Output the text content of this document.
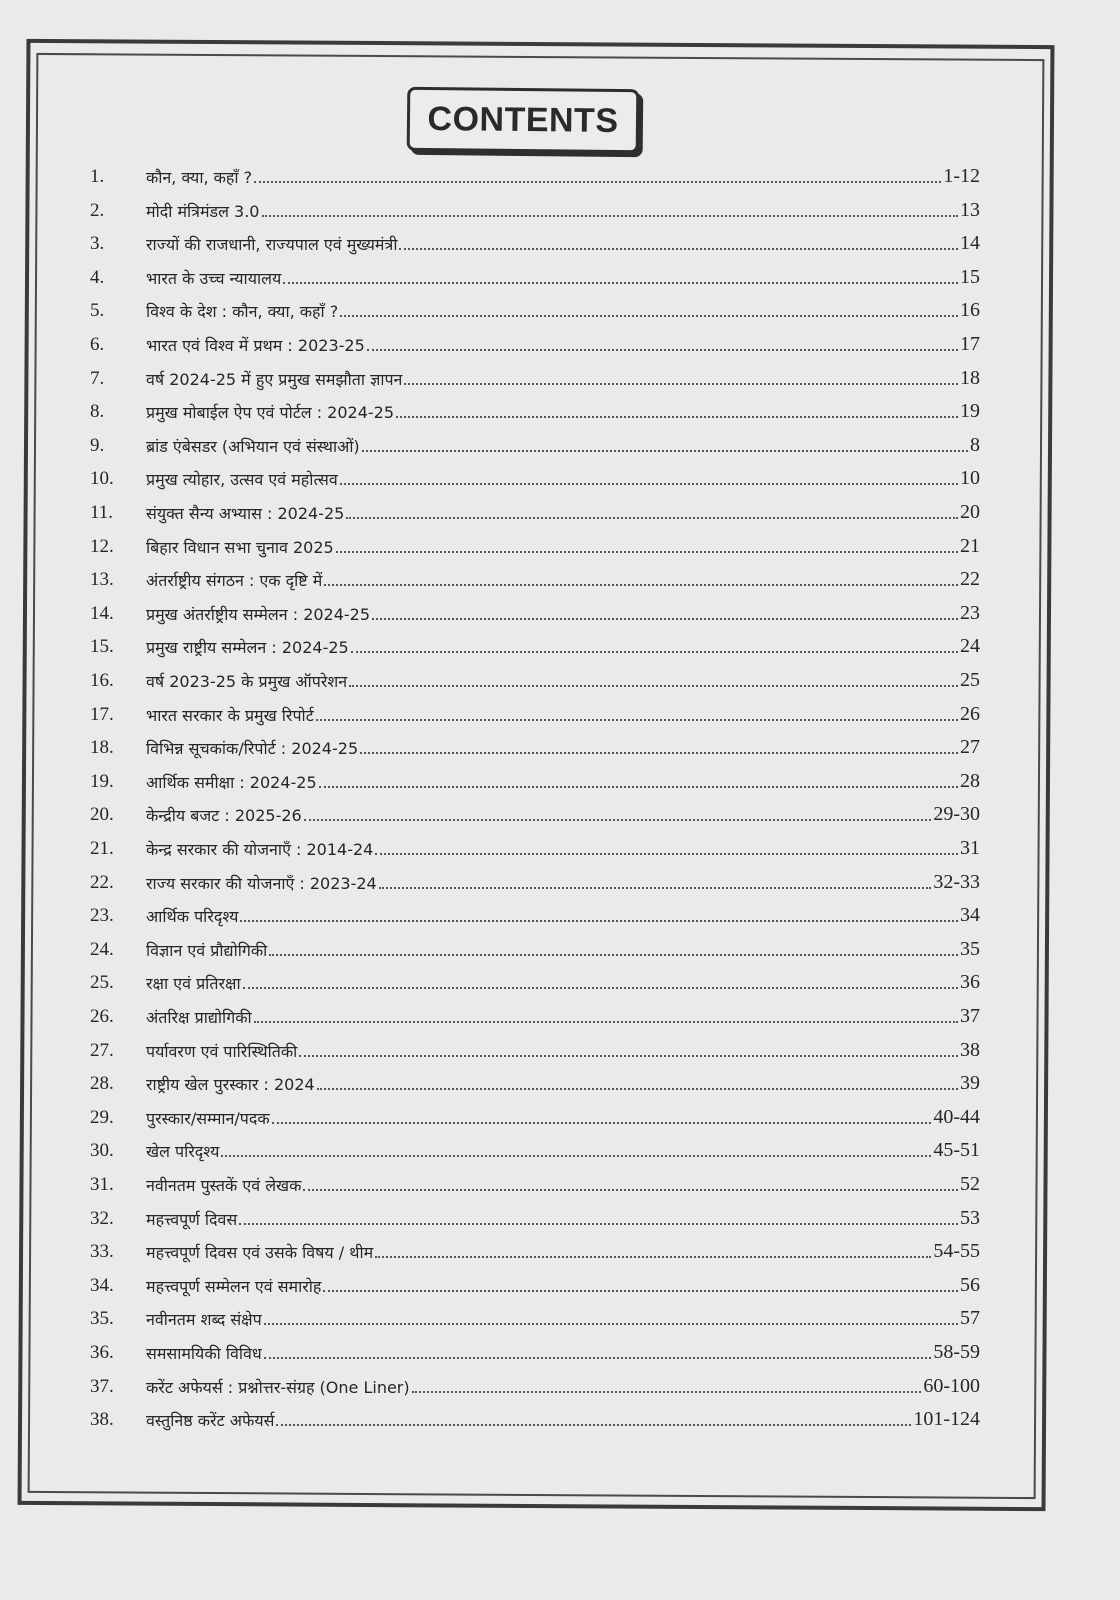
CONTENTS
1.	कौन, क्या, कहाँ ?	1-12
2.	मोदी मंत्रिमंडल 3.0	13
3.	राज्यों की राजधानी, राज्यपाल एवं मुख्यमंत्री	14
4.	भारत के उच्च न्यायालय	15
5.	विश्व के देश : कौन, क्या, कहाँ ?	16
6.	भारत एवं विश्व में प्रथम : 2023-25	17
7.	वर्ष 2024-25 में हुए प्रमुख समझौता ज्ञापन	18
8.	प्रमुख मोबाईल ऐप एवं पोर्टल : 2024-25	19
9.	ब्रांड एंबेसडर (अभियान एवं संस्थाओं)	8
10.	प्रमुख त्योहार, उत्सव एवं महोत्सव	10
11.	संयुक्त सैन्य अभ्यास : 2024-25	20
12.	बिहार विधान सभा चुनाव 2025	21
13.	अंतर्राष्ट्रीय संगठन : एक दृष्टि में	22
14.	प्रमुख अंतर्राष्ट्रीय सम्मेलन : 2024-25	23
15.	प्रमुख राष्ट्रीय सम्मेलन : 2024-25	24
16.	वर्ष 2023-25 के प्रमुख ऑपरेशन	25
17.	भारत सरकार के प्रमुख रिपोर्ट	26
18.	विभिन्न सूचकांक/रिपोर्ट : 2024-25	27
19.	आर्थिक समीक्षा : 2024-25	28
20.	केन्द्रीय बजट : 2025-26	29-30
21.	केन्द्र सरकार की योजनाएँ : 2014-24	31
22.	राज्य सरकार की योजनाएँ : 2023-24	32-33
23.	आर्थिक परिदृश्य	34
24.	विज्ञान एवं प्रौद्योगिकी	35
25.	रक्षा एवं प्रतिरक्षा	36
26.	अंतरिक्ष प्राद्योगिकी	37
27.	पर्यावरण एवं पारिस्थितिकी	38
28.	राष्ट्रीय खेल पुरस्कार : 2024	39
29.	पुरस्कार/सम्मान/पदक	40-44
30.	खेल परिदृश्य	45-51
31.	नवीनतम पुस्तकें एवं लेखक	52
32.	महत्त्वपूर्ण दिवस	53
33.	महत्त्वपूर्ण दिवस एवं उसके विषय / थीम	54-55
34.	महत्त्वपूर्ण सम्मेलन एवं समारोह	56
35.	नवीनतम शब्द संक्षेप	57
36.	समसामयिकी विविध	58-59
37.	करेंट अफेयर्स : प्रश्नोत्तर-संग्रह (One Liner)	60-100
38.	वस्तुनिष्ठ करेंट अफेयर्स	101-124
